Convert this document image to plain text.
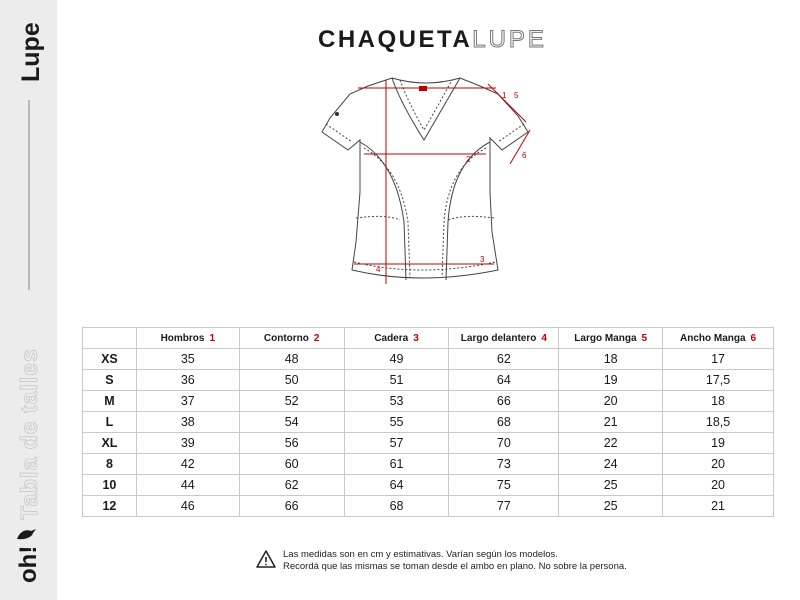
Lupe
Tabla de talles
oh!
CHAQUETALUPE
1
2
3
4
5
6
	Hombros 1	Contorno 2	Cadera 3	Largo delantero 4	Largo Manga 5	Ancho Manga 6
XS	35	48	49	62	18	17
S	36	50	51	64	19	17,5
M	37	52	53	66	20	18
L	38	54	55	68	21	18,5
XL	39	56	57	70	22	19
8	42	60	61	73	24	20
10	44	62	64	75	25	20
12	46	66	68	77	25	21
Las medidas son en cm y estimativas. Varían según los modelos.
Recordá que las mismas se toman desde el ambo en plano. No sobre la persona.
